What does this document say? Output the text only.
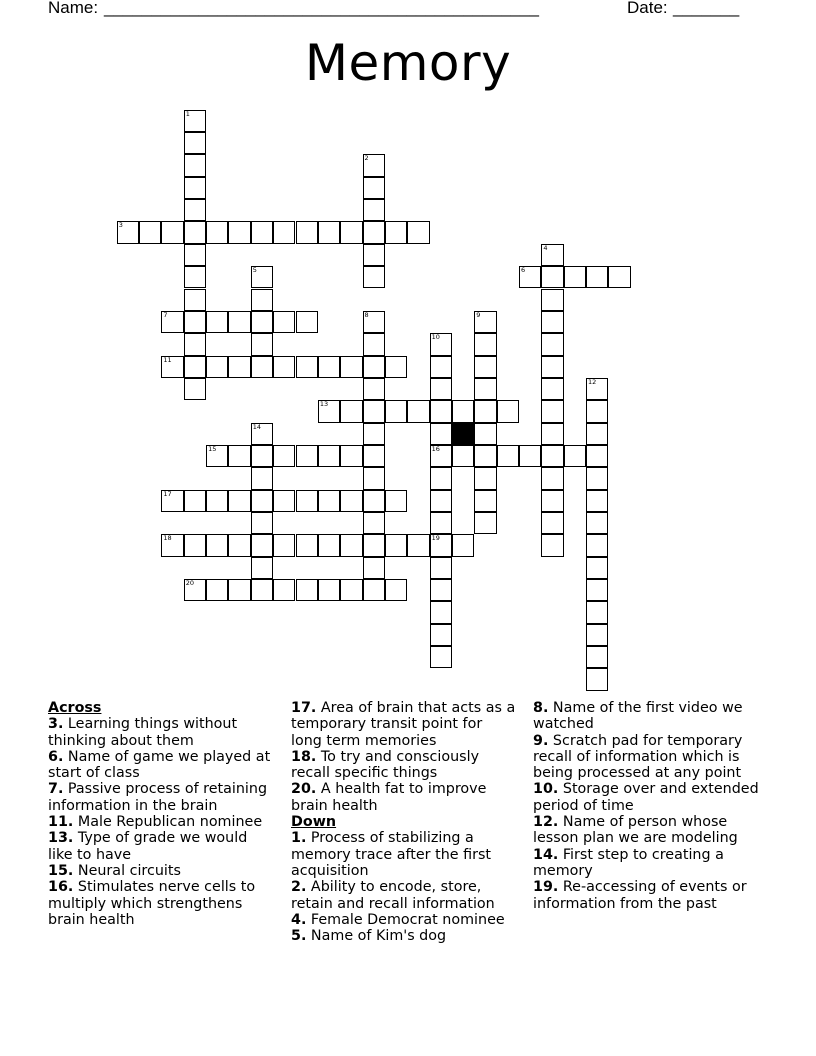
Name: ______________________________________________	Date: _______
Memory
1
2
3
4
5	6
7	8	9
10
16
11
12
13
14
15
17
18	19
20
Across
3. Learning things without thinking about them
6. Name of game we played at start of class
7. Passive process of retaining information in the brain
11. Male Republican nominee
13. Type of grade we would like to have
15. Neural circuits
16. Stimulates nerve cells to multiply which strengthens brain health
17. Area of brain that acts as a temporary transit point for long term memories
18. To try and consciously recall specific things
20. A health fat to improve brain health
Down
1. Process of stabilizing a memory trace after the first acquisition
2. Ability to encode, store, retain and recall information
4. Female Democrat nominee
5. Name of Kim's dog
8. Name of the first video we watched
9. Scratch pad for temporary recall of information which is being processed at any point
10. Storage over and extended period of time
12. Name of person whose lesson plan we are modeling
14. First step to creating a memory
19. Re-accessing of events or information from the past
